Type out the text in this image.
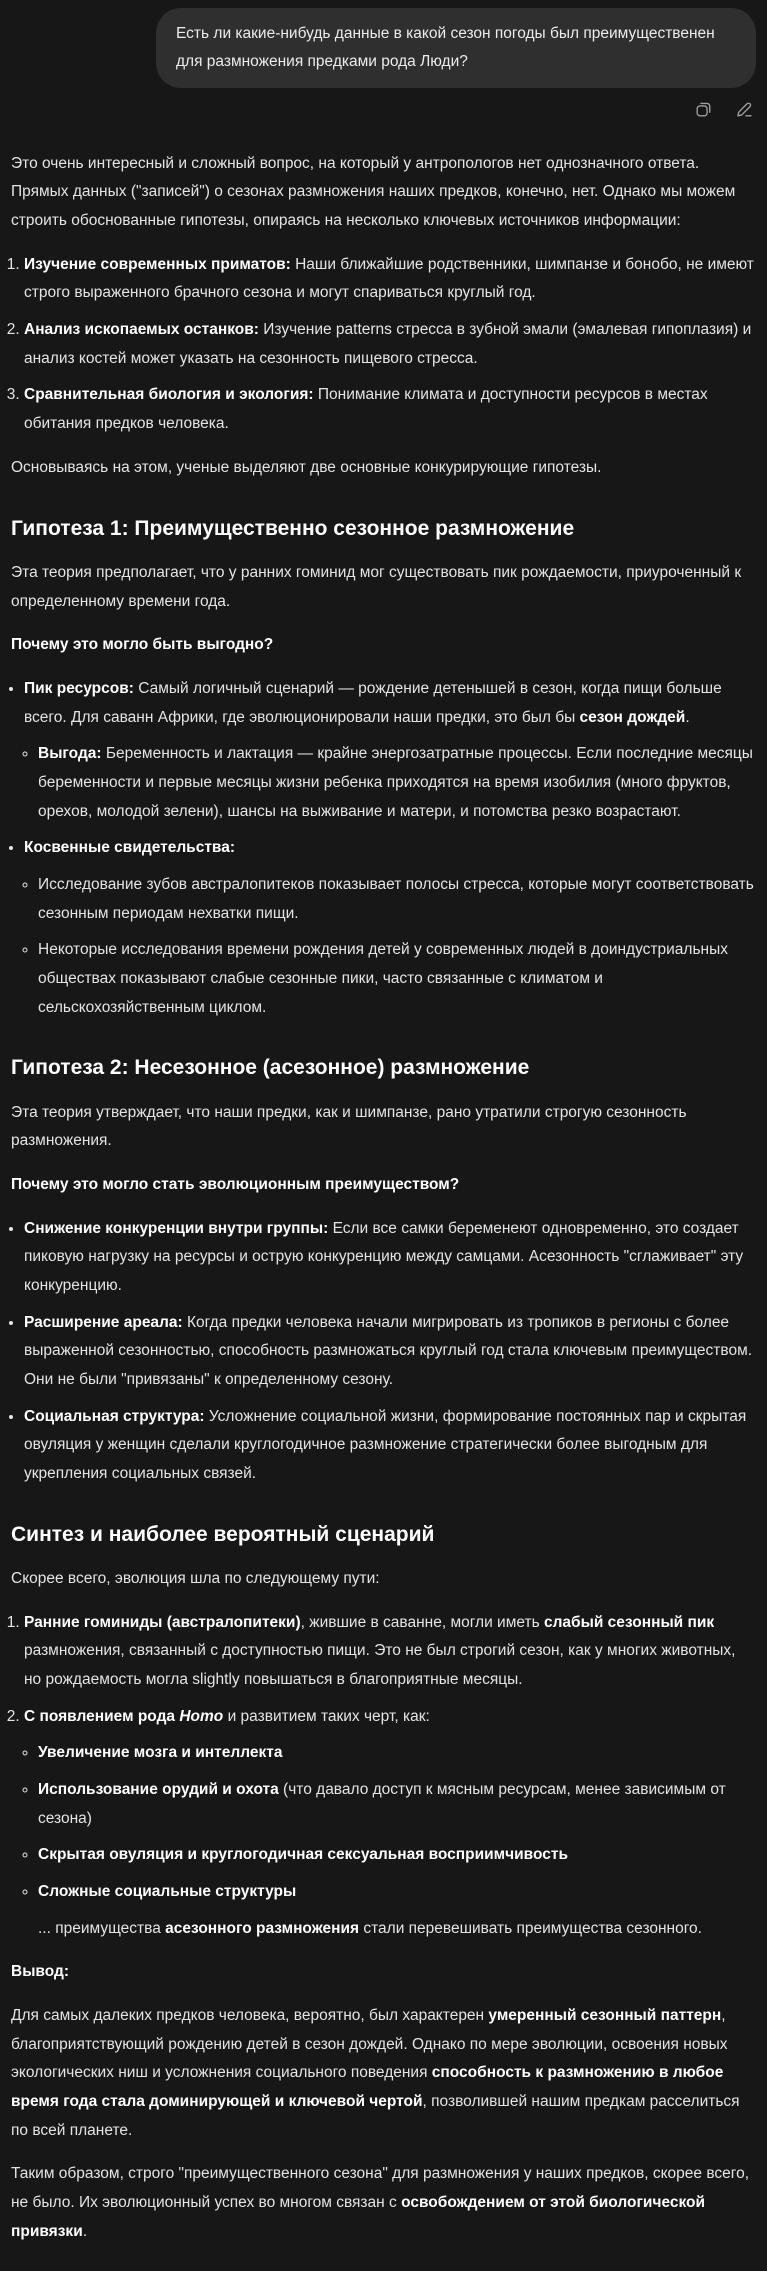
Есть ли какие-нибудь данные в какой сезон погоды был преимущественен для размножения предками рода Люди?

Это очень интересный и сложный вопрос, на который у антропологов нет однозначного ответа. Прямых данных ("записей") о сезонах размножения наших предков, конечно, нет. Однако мы можем строить обоснованные гипотезы, опираясь на несколько ключевых источников информации:

1. Изучение современных приматов: Наши ближайшие родственники, шимпанзе и бонобо, не имеют строго выраженного брачного сезона и могут спариваться круглый год.
2. Анализ ископаемых останков: Изучение patterns стресса в зубной эмали (эмалевая гипоплазия) и анализ костей может указать на сезонность пищевого стресса.
3. Сравнительная биология и экология: Понимание климата и доступности ресурсов в местах обитания предков человека.

Основываясь на этом, ученые выделяют две основные конкурирующие гипотезы.

Гипотеза 1: Преимущественно сезонное размножение

Эта теория предполагает, что у ранних гоминид мог существовать пик рождаемости, приуроченный к определенному времени года.

Почему это могло быть выгодно?

• Пик ресурсов: Самый логичный сценарий — рождение детенышей в сезон, когда пищи больше всего. Для саванн Африки, где эволюционировали наши предки, это был бы сезон дождей.
◦ Выгода: Беременность и лактация — крайне энергозатратные процессы. Если последние месяцы беременности и первые месяцы жизни ребенка приходятся на время изобилия (много фруктов, орехов, молодой зелени), шансы на выживание и матери, и потомства резко возрастают.
• Косвенные свидетельства:
◦ Исследование зубов австралопитеков показывает полосы стресса, которые могут соответствовать сезонным периодам нехватки пищи.
◦ Некоторые исследования времени рождения детей у современных людей в доиндустриальных обществах показывают слабые сезонные пики, часто связанные с климатом и сельскохозяйственным циклом.
Гипотеза 2: Несезонное (асезонное) размножение

Эта теория утверждает, что наши предки, как и шимпанзе, рано утратили строгую сезонность размножения.

Почему это могло стать эволюционным преимуществом?

• Снижение конкуренции внутри группы: Если все самки беременеют одновременно, это создает пиковую нагрузку на ресурсы и острую конкуренцию между самцами. Асезонность "сглаживает" эту конкуренцию.
• Расширение ареала: Когда предки человека начали мигрировать из тропиков в регионы с более выраженной сезонностью, способность размножаться круглый год стала ключевым преимуществом. Они не были "привязаны" к определенному сезону.
• Социальная структура: Усложнение социальной жизни, формирование постоянных пар и скрытая овуляция у женщин сделали круглогодичное размножение стратегически более выгодным для укрепления социальных связей.
Синтез и наиболее вероятный сценарий

Скорее всего, эволюция шла по следующему пути:

1. Ранние гоминиды (австралопитеки), жившие в саванне, могли иметь слабый сезонный пик размножения, связанный с доступностью пищи. Это не был строгий сезон, как у многих животных, но рождаемость могла slightly повышаться в благоприятные месяцы.
2. С появлением рода Homo и развитием таких черт, как:
◦ Увеличение мозга и интеллекта
◦ Использование орудий и охота (что давало доступ к мясным ресурсам, менее зависимым от сезона)
◦ Скрытая овуляция и круглогодичная сексуальная восприимчивость
◦ Сложные социальные структуры
... преимущества асезонного размножения стали перевешивать преимущества сезонного.

Вывод:

Для самых далеких предков человека, вероятно, был характерен умеренный сезонный паттерн, благоприятствующий рождению детей в сезон дождей. Однако по мере эволюции, освоения новых экологических ниш и усложнения социального поведения способность к размножению в любое время года стала доминирующей и ключевой чертой, позволившей нашим предкам расселиться по всей планете.

Таким образом, строго "преимущественного сезона" для размножения у наших предков, скорее всего, не было. Их эволюционный успех во многом связан с освобождением от этой биологической привязки.
